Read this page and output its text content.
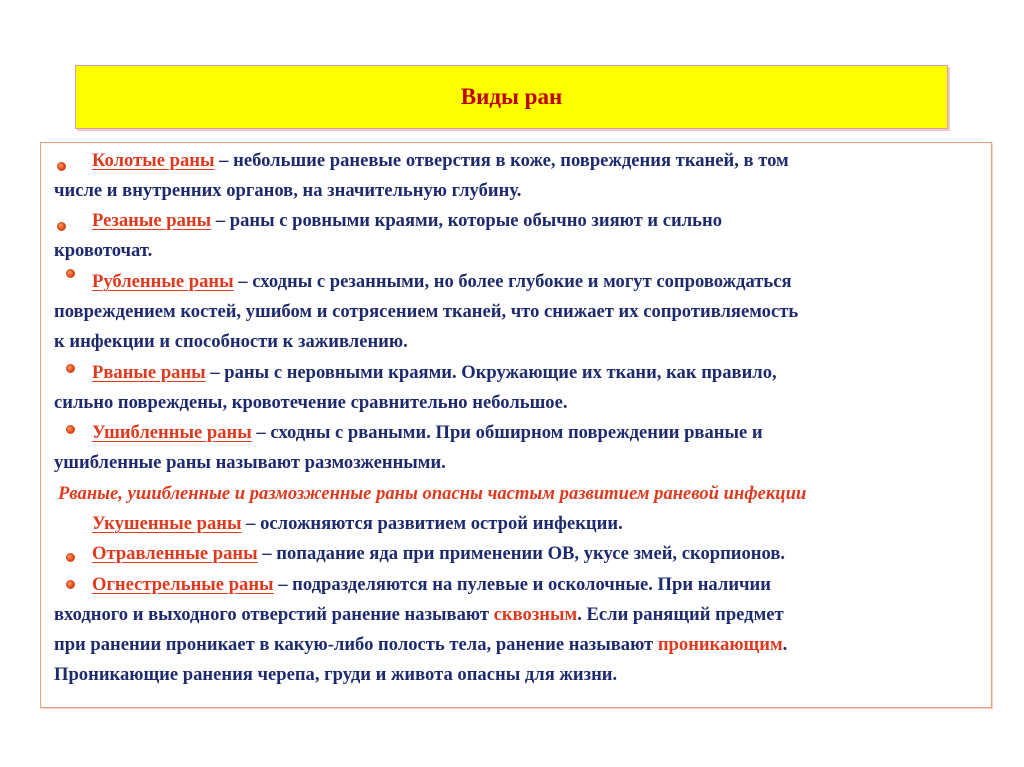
Виды ран
Колотые раны – небольшие раневые отверстия в коже, повреждения тканей, в том
числе и внутренних органов, на значительную глубину.
Резаные раны – раны с ровными краями, которые обычно зияют и сильно
кровоточат.
Рубленные раны – сходны с резанными, но более глубокие и могут сопровождаться
повреждением костей, ушибом и сотрясением тканей, что снижает их сопротивляемость
к инфекции и способности к заживлению.
Рваные раны – раны с неровными краями. Окружающие их ткани, как правило,
сильно повреждены, кровотечение сравнительно небольшое.
Ушибленные раны – сходны с рваными. При обширном повреждении рваные и
ушибленные раны называют размозженными.
Рваные, ушибленные и размозженные раны опасны частым развитием раневой инфекции
Укушенные раны – осложняются развитием острой инфекции.
Отравленные раны – попадание яда при применении ОВ, укусе змей, скорпионов.
Огнестрельные раны – подразделяются на пулевые и осколочные. При наличии
входного и выходного отверстий ранение называют сквозным. Если ранящий предмет
при ранении проникает в какую-либо полость тела, ранение называют проникающим.
Проникающие ранения черепа, груди и живота опасны для жизни.
